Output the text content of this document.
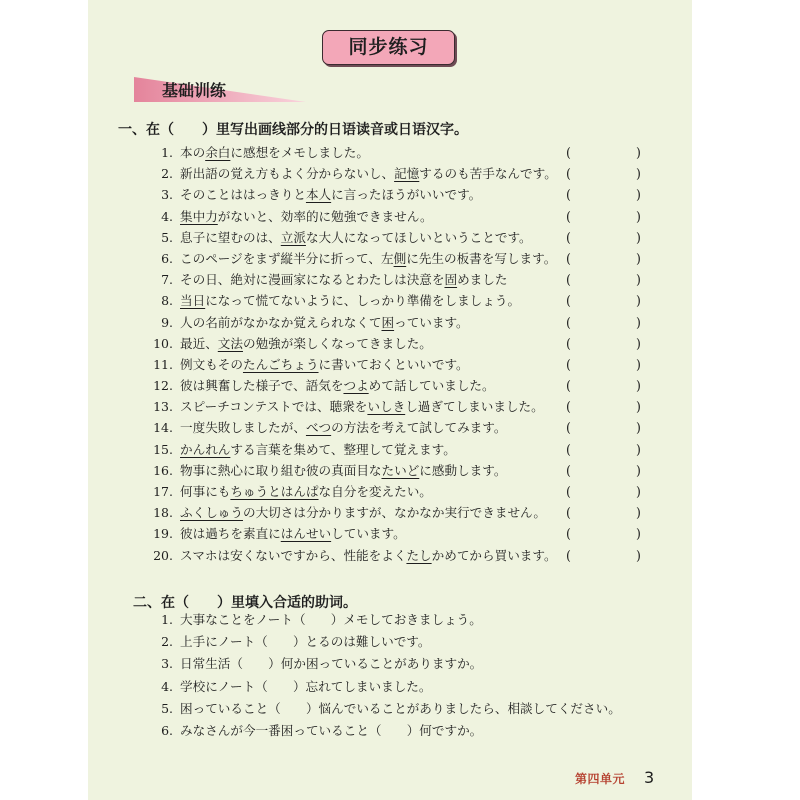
同步练习
基础训练
一、在（　　）里写出画线部分的日语读音或日语汉字。
1. 本の余白に感想をメモしました。	(	)
2. 新出語の覚え方もよく分からないし、記憶するのも苦手なんです。 (	)
3. そのことははっきりと本人に言ったほうがいいです。	(	)
4. 集中力がないと、効率的に勉強できません。	(	)
5. 息子に望むのは、立派な大人になってほしいということです。	(	)
6. このページをまず縦半分に折って、左側に先生の板書を写します。 (	)
7. その日、絶対に漫画家になるとわたしは決意を固めました	(	)
8. 当日になって慌てないように、しっかり準備をしましょう。	(	)
9. 人の名前がなかなか覚えられなくて困っています。	(	)
10. 最近、文法の勉強が楽しくなってきました。	(	)
11. 例文もそのたんごちょうに書いておくといいです。	(	)
12. 彼は興奮した様子で、語気をつよめて話していました。	(	)
13. スピーチコンテストでは、聴衆をいしきし過ぎてしまいました。 (	)
14. 一度失敗しましたが、べつの方法を考えて試してみます。	(	)
15. かんれんする言葉を集めて、整理して覚えます。	(	)
16. 物事に熱心に取り組む彼の真面目なたいどに感動します。	(	)
17. 何事にもちゅうとはんぱな自分を変えたい。	(	)
18. ふくしゅうの大切さは分かりますが、なかなか実行できません。 (	)
19. 彼は過ちを素直にはんせいしています。	(	)
20. スマホは安くないですから、性能をよくたしかめてから買います。 (	)
二、在（　　）里填入合适的助词。
1. 大事なことをノート（　　）メモしておきましょう。
2. 上手にノート（　　）とるのは難しいです。
3. 日常生活（　　）何か困っていることがありますか。
4. 学校にノート（　　）忘れてしまいました。
5. 困っていること（　　）悩んでいることがありましたら、相談してください。
6. みなさんが今一番困っていること（　　）何ですか。
第四单元 3
